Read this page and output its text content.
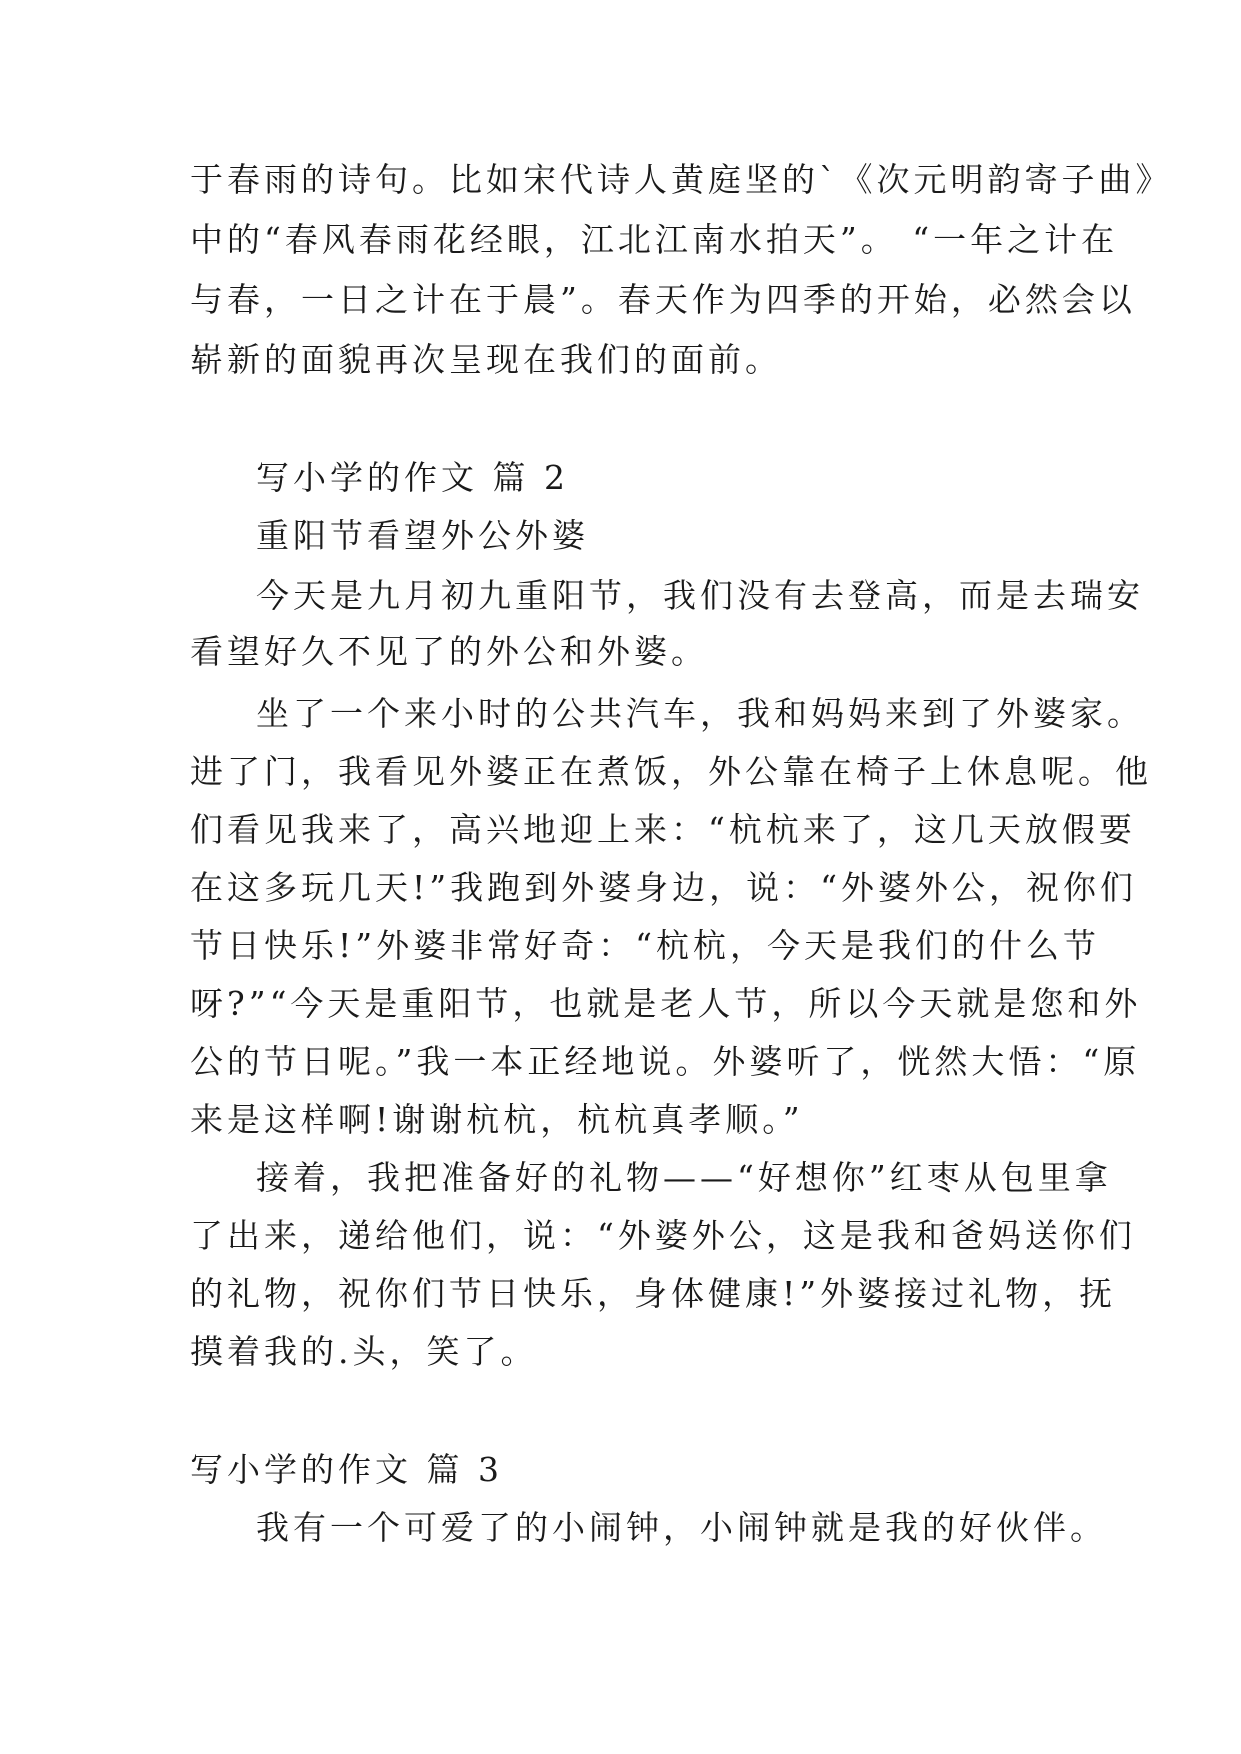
于春雨的诗句。比如宋代诗人黄庭坚的`《次元明韵寄子曲》
中的“春风春雨花经眼，江北江南水拍天”。 “一年之计在
与春，一日之计在于晨”。春天作为四季的开始，必然会以
崭新的面貌再次呈现在我们的面前。
写小学的作文 篇 2
重阳节看望外公外婆
今天是九月初九重阳节，我们没有去登高，而是去瑞安
看望好久不见了的外公和外婆。
坐了一个来小时的公共汽车，我和妈妈来到了外婆家。
进了门，我看见外婆正在煮饭，外公靠在椅子上休息呢。他
们看见我来了，高兴地迎上来：“杭杭来了，这几天放假要
在这多玩几天!”我跑到外婆身边，说：“外婆外公，祝你们
节日快乐!”外婆非常好奇：“杭杭，今天是我们的什么节
呀?”“今天是重阳节，也就是老人节，所以今天就是您和外
公的节日呢。”我一本正经地说。外婆听了，恍然大悟：“原
来是这样啊!谢谢杭杭，杭杭真孝顺。”
接着，我把准备好的礼物——“好想你”红枣从包里拿
了出来，递给他们，说：“外婆外公，这是我和爸妈送你们
的礼物，祝你们节日快乐，身体健康!”外婆接过礼物，抚
摸着我的.头，笑了。
写小学的作文 篇 3
我有一个可爱了的小闹钟，小闹钟就是我的好伙伴。
